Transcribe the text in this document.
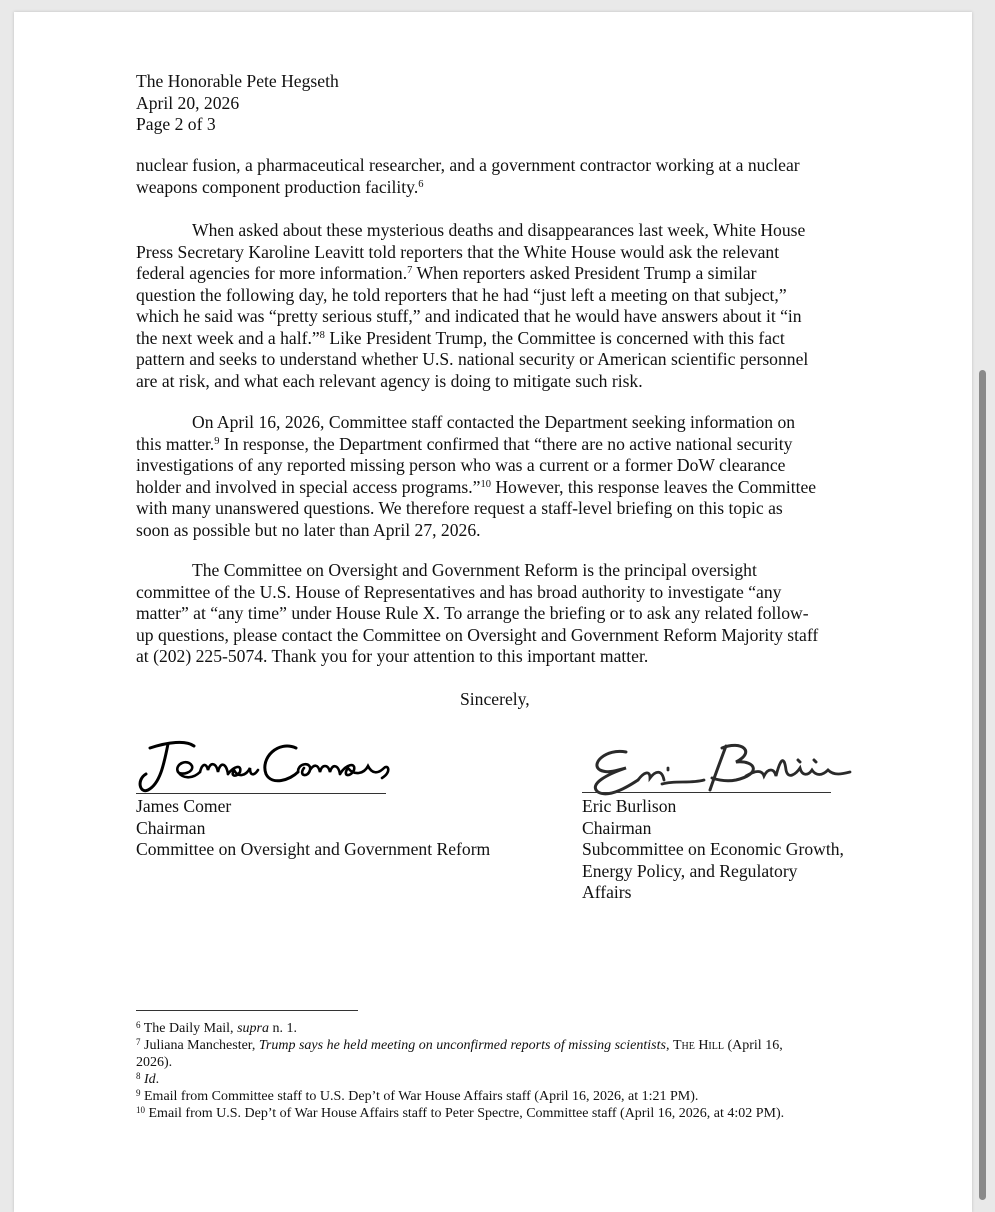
The Honorable Pete Hegseth
April 20, 2026
Page 2 of 3
nuclear fusion, a pharmaceutical researcher, and a government contractor working at a nuclear
weapons component production facility.$^6$
When asked about these mysterious deaths and disappearances last week, White House
Press Secretary Karoline Leavitt told reporters that the White House would ask the relevant
federal agencies for more information.$^7$ When reporters asked President Trump a similar
question the following day, he told reporters that he had “just left a meeting on that subject,”
which he said was “pretty serious stuff,” and indicated that he would have answers about it “in
the next week and a half.”$^8$ Like President Trump, the Committee is concerned with this fact
pattern and seeks to understand whether U.S. national security or American scientific personnel
are at risk, and what each relevant agency is doing to mitigate such risk.
On April 16, 2026, Committee staff contacted the Department seeking information on
this matter.$^9$ In response, the Department confirmed that “there are no active national security
investigations of any reported missing person who was a current or a former DoW clearance
holder and involved in special access programs.”$^{10}$ However, this response leaves the Committee
with many unanswered questions. We therefore request a staff-level briefing on this topic as
soon as possible but no later than April 27, 2026.
The Committee on Oversight and Government Reform is the principal oversight
committee of the U.S. House of Representatives and has broad authority to investigate “any
matter” at “any time” under House Rule X. To arrange the briefing or to ask any related follow-
up questions, please contact the Committee on Oversight and Government Reform Majority staff
at (202) 225-5074. Thank you for your attention to this important matter.
Sincerely,
James Comer
Chairman
Committee on Oversight and Government Reform
Eric Burlison
Chairman
Subcommittee on Economic Growth,
Energy Policy, and Regulatory
Affairs
$^6$ The Daily Mail, supra n. 1.
$^7$ Juliana Manchester, Trump says he held meeting on unconfirmed reports of missing scientists, The Hill (April 16,
2026).
$^8$ Id.
$^9$ Email from Committee staff to U.S. Dep’t of War House Affairs staff (April 16, 2026, at 1:21 PM).
$^{10}$ Email from U.S. Dep’t of War House Affairs staff to Peter Spectre, Committee staff (April 16, 2026, at 4:02 PM).
